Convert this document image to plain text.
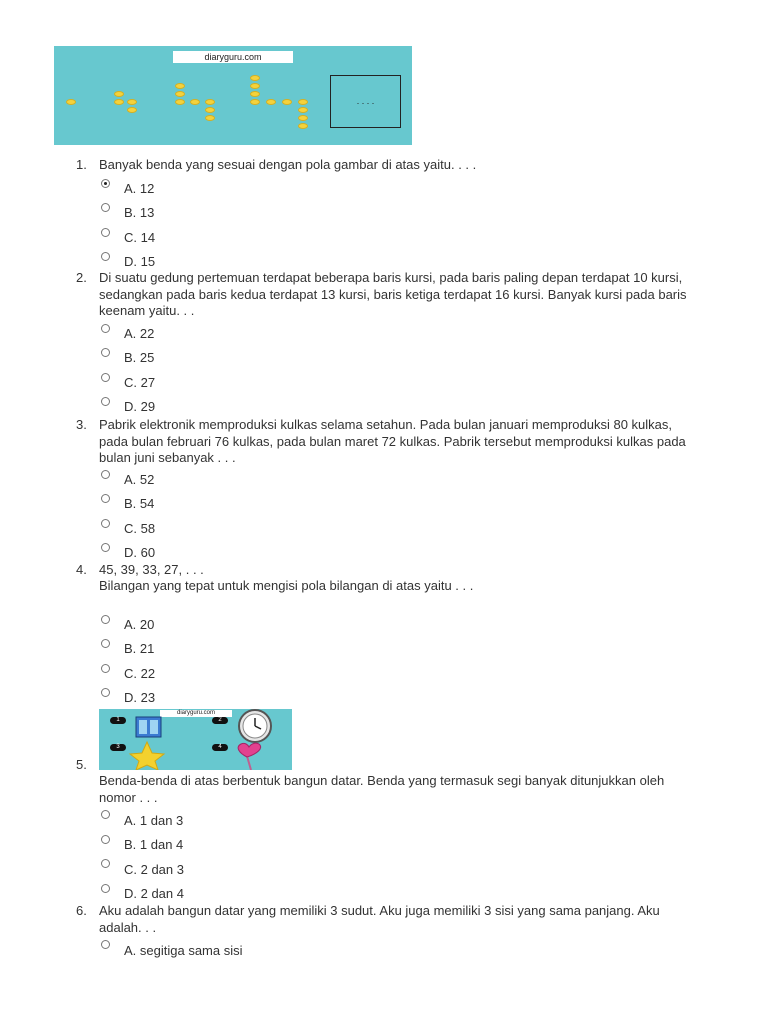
diaryguru.com
. . . .
1. Banyak benda yang sesuai dengan pola gambar di atas yaitu. . . .
A. 12
B. 13
C. 14
D. 15
2. Di suatu gedung pertemuan terdapat beberapa baris kursi, pada baris paling depan terdapat 10 kursi, sedangkan pada baris kedua terdapat 13 kursi, baris ketiga terdapat 16 kursi. Banyak kursi pada baris keenam yaitu. . .
A. 22
B. 25
C. 27
D. 29
3. Pabrik elektronik memproduksi kulkas selama setahun. Pada bulan januari memproduksi 80 kulkas, pada bulan februari 76 kulkas, pada bulan maret 72 kulkas. Pabrik tersebut memproduksi kulkas pada bulan juni sebanyak . . .
A. 52
B. 54
C. 58
D. 60
4. 45, 39, 33, 27, . . .
Bilangan yang tepat untuk mengisi pola bilangan di atas yaitu . . .
A. 20
B. 21
C. 22
D. 23
diaryguru.com
1	2
3	4
5.
Benda-benda di atas berbentuk bangun datar. Benda yang termasuk segi banyak ditunjukkan oleh nomor . . .
A. 1 dan 3
B. 1 dan 4
C. 2 dan 3
D. 2 dan 4
6. Aku adalah bangun datar yang memiliki 3 sudut. Aku juga memiliki 3 sisi yang sama panjang. Aku adalah. . .
A. segitiga sama sisi
